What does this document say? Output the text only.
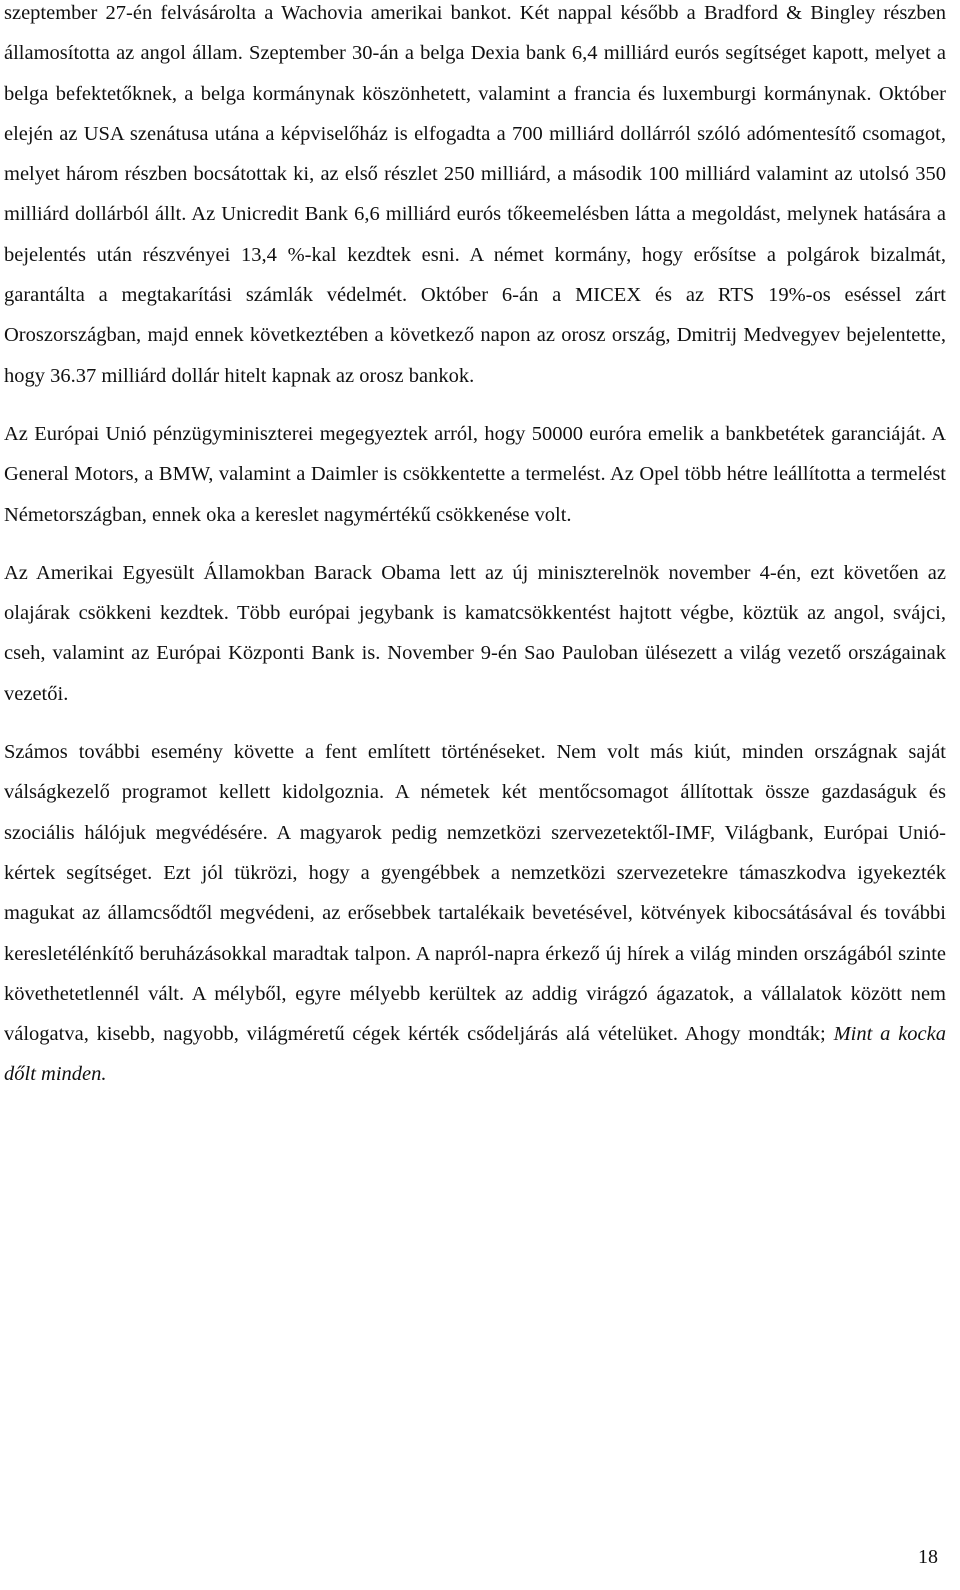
szeptember 27-én felvásárolta a Wachovia amerikai bankot. Két nappal később a Bradford & Bingley részben államosította az angol állam. Szeptember 30-án a belga Dexia bank 6,4 milliárd eurós segítséget kapott, melyet a belga befektetőknek, a belga kormánynak köszönhetett, valamint a francia és luxemburgi kormánynak. Október elején az USA szenátusa utána a képviselőház is elfogadta a 700 milliárd dollárról szóló adómentesítő csomagot, melyet három részben bocsátottak ki, az első részlet 250 milliárd, a második 100 milliárd valamint az utolsó 350 milliárd dollárból állt. Az Unicredit Bank 6,6 milliárd eurós tőkeemelésben látta a megoldást, melynek hatására a bejelentés után részvényei 13,4 %-kal kezdtek esni. A német kormány, hogy erősítse a polgárok bizalmát, garantálta a megtakarítási számlák védelmét. Október 6-án a MICEX és az RTS 19%-os eséssel zárt Oroszországban, majd ennek következtében a következő napon az orosz ország, Dmitrij Medvegyev bejelentette, hogy 36.37 milliárd dollár hitelt kapnak az orosz bankok.

Az Európai Unió pénzügyminiszterei megegyeztek arról, hogy 50000 euróra emelik a bankbetétek garanciáját. A General Motors, a BMW, valamint a Daimler is csökkentette a termelést. Az Opel több hétre leállította a termelést Németországban, ennek oka a kereslet nagymértékű csökkenése volt.

Az Amerikai Egyesült Államokban Barack Obama lett az új miniszterelnök november 4-én, ezt követően az olajárak csökkeni kezdtek. Több európai jegybank is kamatcsökkentést hajtott végbe, köztük az angol, svájci, cseh, valamint az Európai Központi Bank is. November 9-én Sao Pauloban ülésezett a világ vezető országainak vezetői.

Számos további esemény követte a fent említett történéseket. Nem volt más kiút, minden országnak saját válságkezelő programot kellett kidolgoznia. A németek két mentőcsomagot állítottak össze gazdaságuk és szociális hálójuk megvédésére. A magyarok pedig nemzetközi szervezetektől-IMF, Világbank, Európai Unió- kértek segítséget. Ezt jól tükrözi, hogy a gyengébbek a nemzetközi szervezetekre támaszkodva igyekezték magukat az államcsődtől megvédeni, az erősebbek tartalékaik bevetésével, kötvények kibocsátásával és további keresletélénkítő beruházásokkal maradtak talpon. A napról-napra érkező új hírek a világ minden országából szinte követhetetlennél vált. A mélyből, egyre mélyebb kerültek az addig virágzó ágazatok, a vállalatok között nem válogatva, kisebb, nagyobb, világméretű cégek kérték csődeljárás alá vételüket. Ahogy mondták; Mint a kocka dőlt minden.

18
